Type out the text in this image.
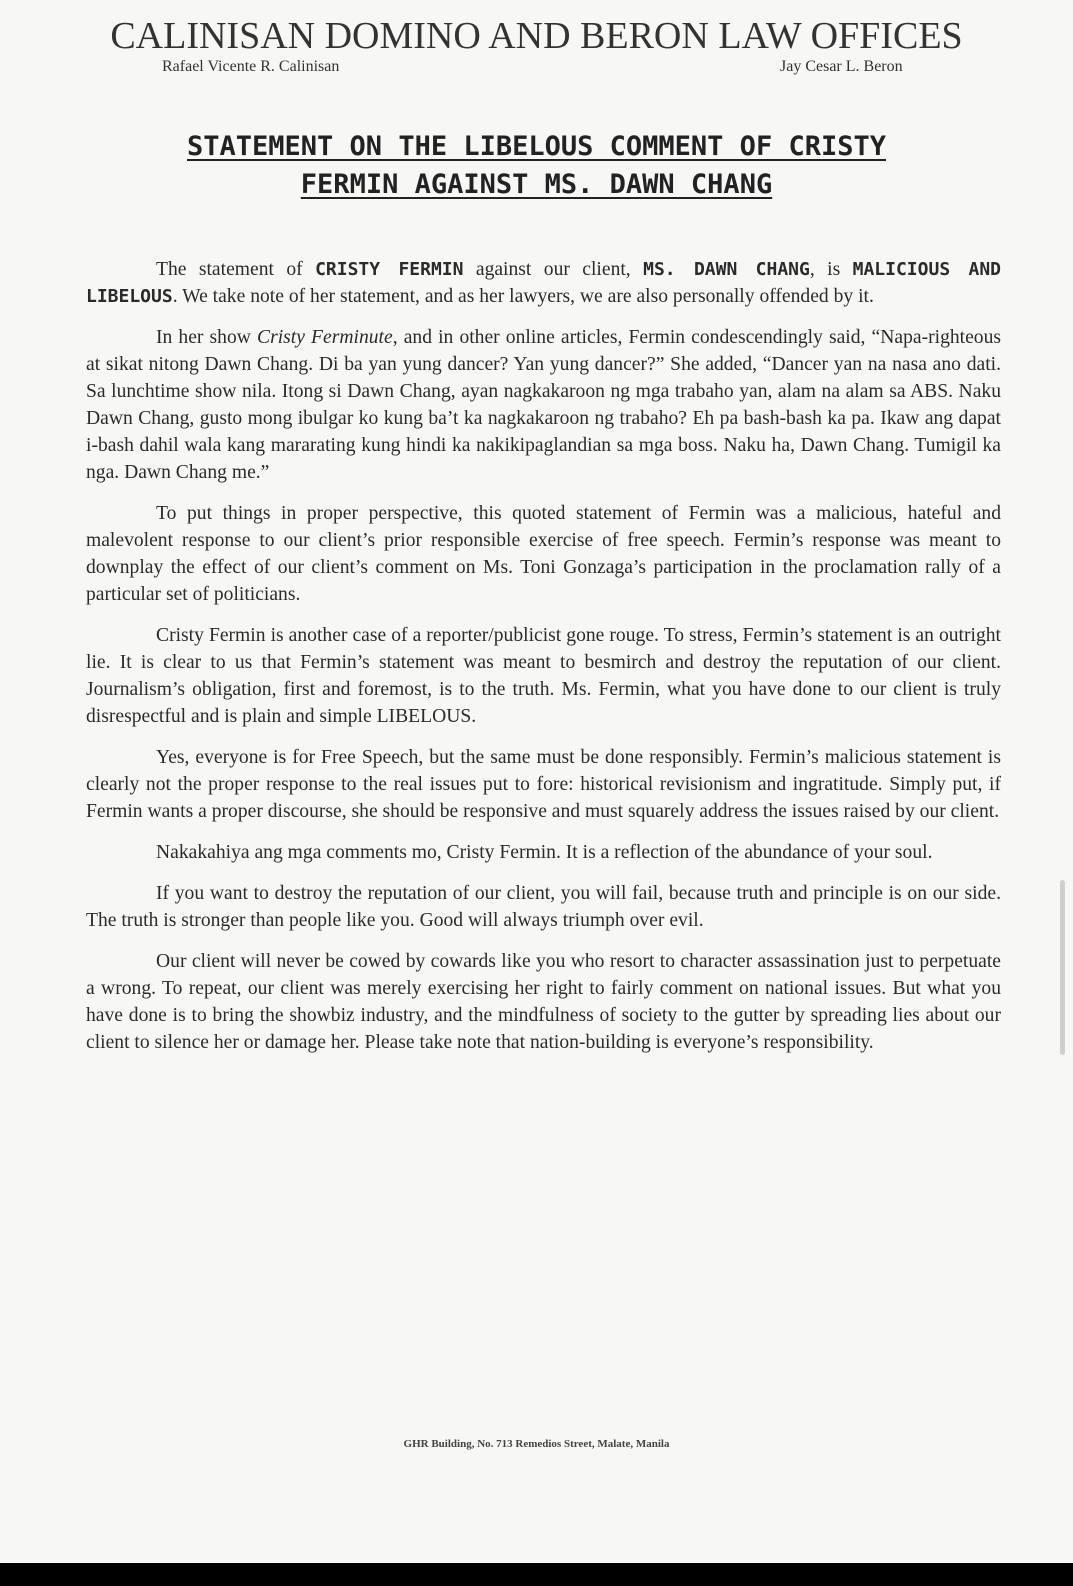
CALINISAN DOMINO AND BERON LAW OFFICES
Rafael Vicente R. Calinisan	Jay Cesar L. Beron
STATEMENT ON THE LIBELOUS COMMENT OF CRISTY
FERMIN AGAINST MS. DAWN CHANG

The statement of CRISTY FERMIN against our client, MS. DAWN CHANG, is MALICIOUS AND LIBELOUS. We take note of her statement, and as her lawyers, we are also personally offended by it.

In her show Cristy Ferminute, and in other online articles, Fermin condescendingly said, “Napa-righteous at sikat nitong Dawn Chang. Di ba yan yung dancer? Yan yung dancer?” She added, “Dancer yan na nasa ano dati. Sa lunchtime show nila. Itong si Dawn Chang, ayan nagkakaroon ng mga trabaho yan, alam na alam sa ABS. Naku Dawn Chang, gusto mong ibulgar ko kung ba’t ka nagkakaroon ng trabaho? Eh pa bash-bash ka pa. Ikaw ang dapat i-bash dahil wala kang mararating kung hindi ka nakikipaglandian sa mga boss. Naku ha, Dawn Chang. Tumigil ka nga. Dawn Chang me.”

To put things in proper perspective, this quoted statement of Fermin was a malicious, hateful and malevolent response to our client’s prior responsible exercise of free speech. Fermin’s response was meant to downplay the effect of our client’s comment on Ms. Toni Gonzaga’s participation in the proclamation rally of a particular set of politicians.

Cristy Fermin is another case of a reporter/publicist gone rouge. To stress, Fermin’s statement is an outright lie. It is clear to us that Fermin’s statement was meant to besmirch and destroy the reputation of our client. Journalism’s obligation, first and foremost, is to the truth. Ms. Fermin, what you have done to our client is truly disrespectful and is plain and simple LIBELOUS.

Yes, everyone is for Free Speech, but the same must be done responsibly. Fermin’s malicious statement is clearly not the proper response to the real issues put to fore: historical revisionism and ingratitude. Simply put, if Fermin wants a proper discourse, she should be responsive and must squarely address the issues raised by our client.

Nakakahiya ang mga comments mo, Cristy Fermin. It is a reflection of the abundance of your soul.

If you want to destroy the reputation of our client, you will fail, because truth and principle is on our side. The truth is stronger than people like you. Good will always triumph over evil.

Our client will never be cowed by cowards like you who resort to character assassination just to perpetuate a wrong. To repeat, our client was merely exercising her right to fairly comment on national issues. But what you have done is to bring the showbiz industry, and the mindfulness of society to the gutter by spreading lies about our client to silence her or damage her. Please take note that nation-building is everyone’s responsibility.

GHR Building, No. 713 Remedios Street, Malate, Manila
